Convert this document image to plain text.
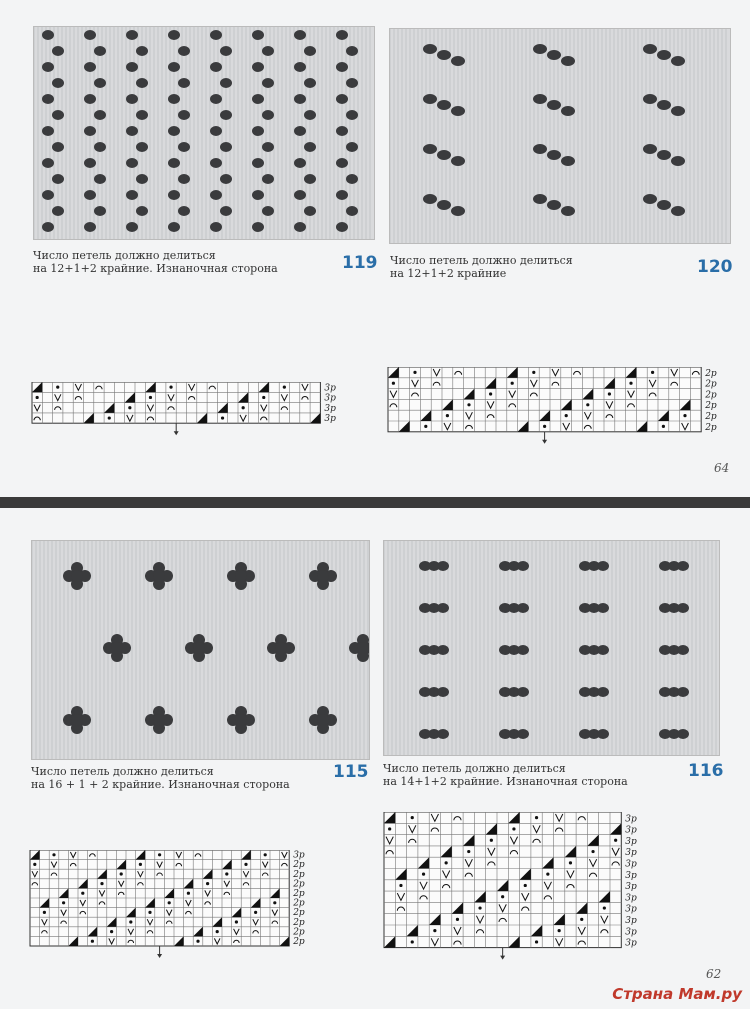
Число петель должно делиться
на 12+1+2 крайние. Изнаночная сторона	119 Число петель должно делиться
на 12+1+2 крайние	120
3р
3р
3р
3р
2р
2р
2р
2р
2р
2р
64
Число петель должно делиться
на 16 + 1 + 2 крайние. Изнаночная сторона
115 Число петель должно делиться
на 14+1+2 крайние. Изнаночная сторона
116
3р
2р
2р
2р
2р
2р
2р
2р
2р
2р
3р
3р
3р
3р
3р
3р
3р
3р
3р
3р
3р
3р
62
Страна Мам.ру
